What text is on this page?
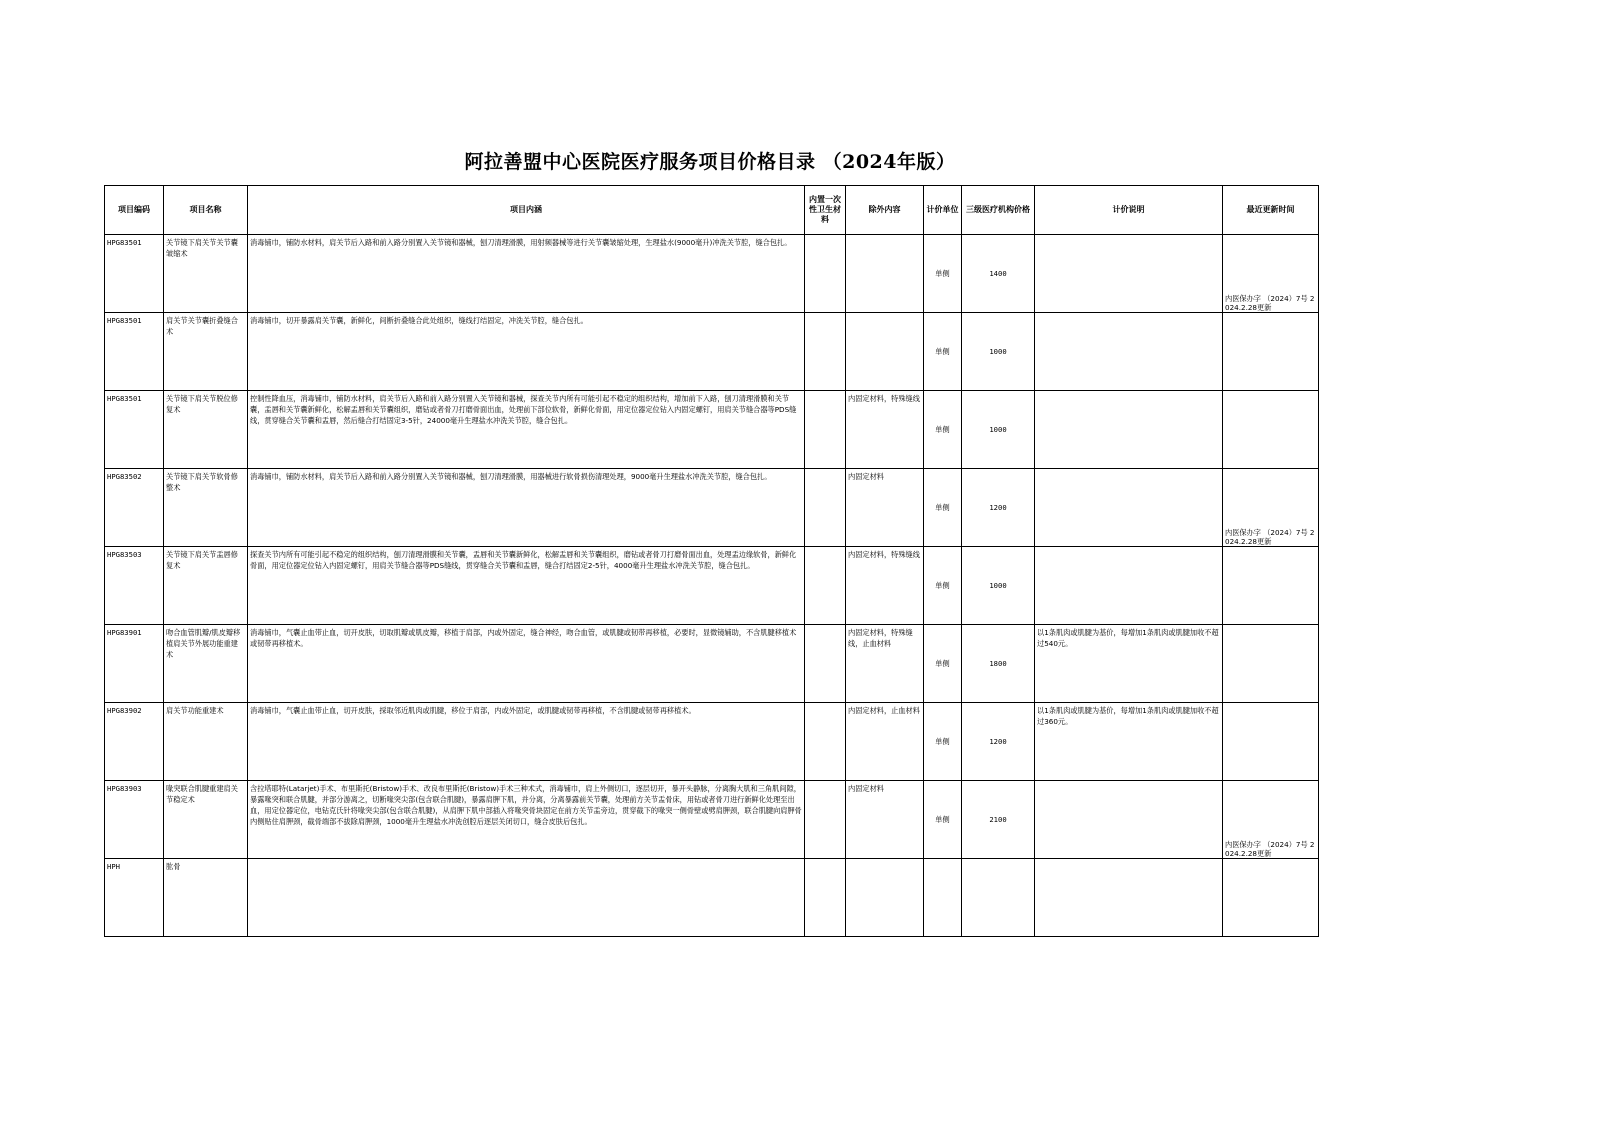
阿拉善盟中心医院医疗服务项目价格目录 （2024年版）
项目编码	项目名称	项目内涵	内置一次性卫生材料	除外内容	计价单位	三级医疗机构价格	计价说明	最近更新时间
HPG83501	关节镜下肩关节关节囊皱缩术	消毒铺巾，铺防水材料，肩关节后入路和前入路分别置入关节镜和器械，刨刀清理滑膜，用射频器械等进行关节囊皱缩处理，生理盐水(9000毫升)冲洗关节腔，缝合包扎。			单侧	1400		内医保办字 （2024）7号 2024.2.28更新
HPG83501	肩关节关节囊折叠缝合术	消毒铺巾，切开暴露肩关节囊，新鲜化，间断折叠缝合此处组织，缝线打结固定，冲洗关节腔，缝合包扎。			单侧	1000		
HPG83501	关节镜下肩关节脱位修复术	控制性降血压，消毒铺巾，铺防水材料，肩关节后入路和前入路分别置入关节镜和器械，探查关节内所有可能引起不稳定的组织结构，增加前下入路，刨刀清理滑膜和关节囊，盂唇和关节囊新鲜化，松解盂唇和关节囊组织，磨钻或者骨刀打磨骨面出血，处理前下部位软骨，新鲜化骨面，用定位器定位钻入内固定螺钉，用肩关节缝合器等PDS缝线，贯穿缝合关节囊和盂唇，然后缝合打结固定3-5针，24000毫升生理盐水冲洗关节腔，缝合包扎。		内固定材料，特殊缝线	单侧	1000		
HPG83502	关节镜下肩关节软骨修整术	消毒铺巾，铺防水材料，肩关节后入路和前入路分别置入关节镜和器械，刨刀清理滑膜，用器械进行软骨损伤清理处理，9000毫升生理盐水冲洗关节腔，缝合包扎。		内固定材料	单侧	1200		内医保办字 （2024）7号 2024.2.28更新
HPG83503	关节镜下肩关节盂唇修复术	探查关节内所有可能引起不稳定的组织结构，刨刀清理滑膜和关节囊，盂唇和关节囊新鲜化，松解盂唇和关节囊组织，磨钻或者骨刀打磨骨面出血，处理盂边缘软骨，新鲜化骨面，用定位器定位钻入内固定螺钉，用肩关节缝合器等PDS缝线，贯穿缝合关节囊和盂唇，缝合打结固定2-5针，4000毫升生理盐水冲洗关节腔，缝合包扎。		内固定材料，特殊缝线	单侧	1000		
HPG83901	吻合血管肌瓣/肌皮瓣移植肩关节外展功能重建术	消毒铺巾，气囊止血带止血，切开皮肤，切取肌瓣或肌皮瓣，移植于肩部，内或外固定，缝合神经，吻合血管，或肌腱或韧带再移植，必要时，显微镜辅助，不含肌腱移植术或韧带再移植术。		内固定材料，特殊缝线，止血材料	单侧	1800	以1条肌肉或肌腱为基价，每增加1条肌肉或肌腱加收不超过540元。	
HPG83902	肩关节功能重建术	消毒铺巾，气囊止血带止血，切开皮肤，採取邻近肌肉或肌腱，移位于肩部，内或外固定，或肌腱或韧带再移植，不含肌腱或韧带再移植术。		内固定材料，止血材料	单侧	1200	以1条肌肉或肌腱为基价，每增加1条肌肉或肌腱加收不超过360元。	
HPG83903	喙突联合肌腱重建肩关节稳定术	含拉塔耶特(Latarjet)手术、布里斯托(Bristow)手术、改良布里斯托(Bristow)手术三种术式，消毒铺巾，肩上外侧切口，逐层切开，暴开头静脉，分离胸大肌和三角肌间隙，暴露喙突和联合肌腱，并部分游离之，切断喙突尖部(包含联合肌腱)，暴露肩胛下肌，并分离，分离暴露前关节囊，处理前方关节盂骨床，用钻或者骨刀进行新鲜化处理至出血，用定位器定位，电钻克氏针将喙突尖部(包含联合肌腱)，从肩胛下肌中部插入将喙突骨块固定在前方关节盂旁边，贯穿截下的喙突一侧骨壁或劈肩胛颈，联合肌腱向肩胛骨内侧贴住肩胛颈，截骨端部不拔除肩胛颈，1000毫升生理盐水冲洗创腔后逐层关闭切口，缝合皮肤后包扎。		内固定材料	单侧	2100		内医保办字 （2024）7号 2024.2.28更新
HPH	肱骨							
